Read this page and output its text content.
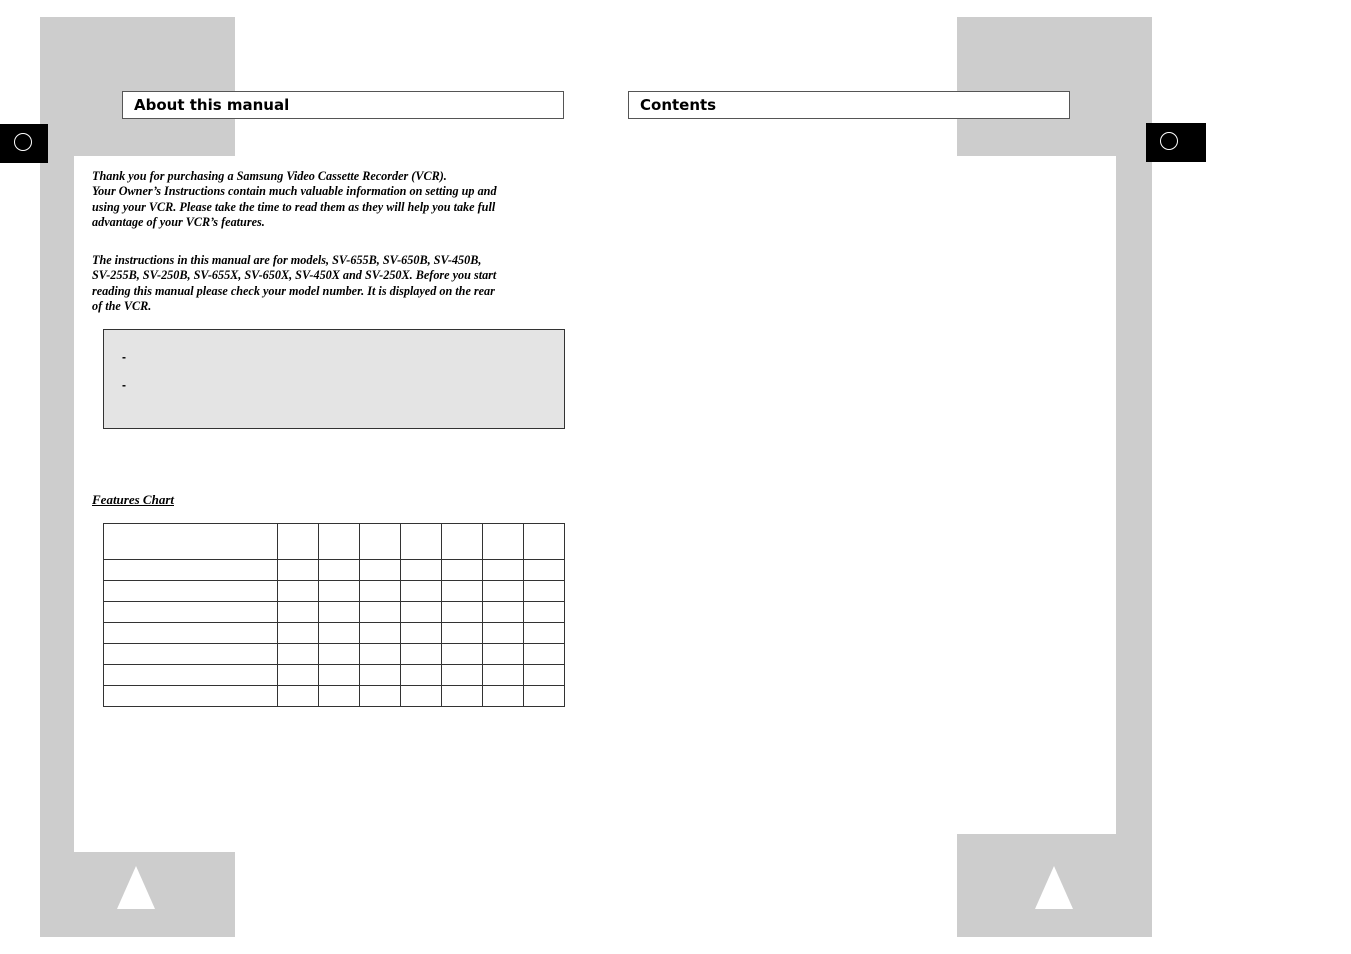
About this manual	Contents
Thank you for purchasing a Samsung Video Cassette Recorder (VCR).
Your Owner’s Instructions contain much valuable information on setting up and
using your VCR. Please take the time to read them as they will help you take full
advantage of your VCR’s features.
The instructions in this manual are for models, SV-655B, SV-650B, SV-450B,
SV-255B, SV-250B, SV-655X, SV-650X, SV-450X and SV-250X. Before you start
reading this manual please check your model number. It is displayed on the rear
of the VCR.
-
-
Features Chart
